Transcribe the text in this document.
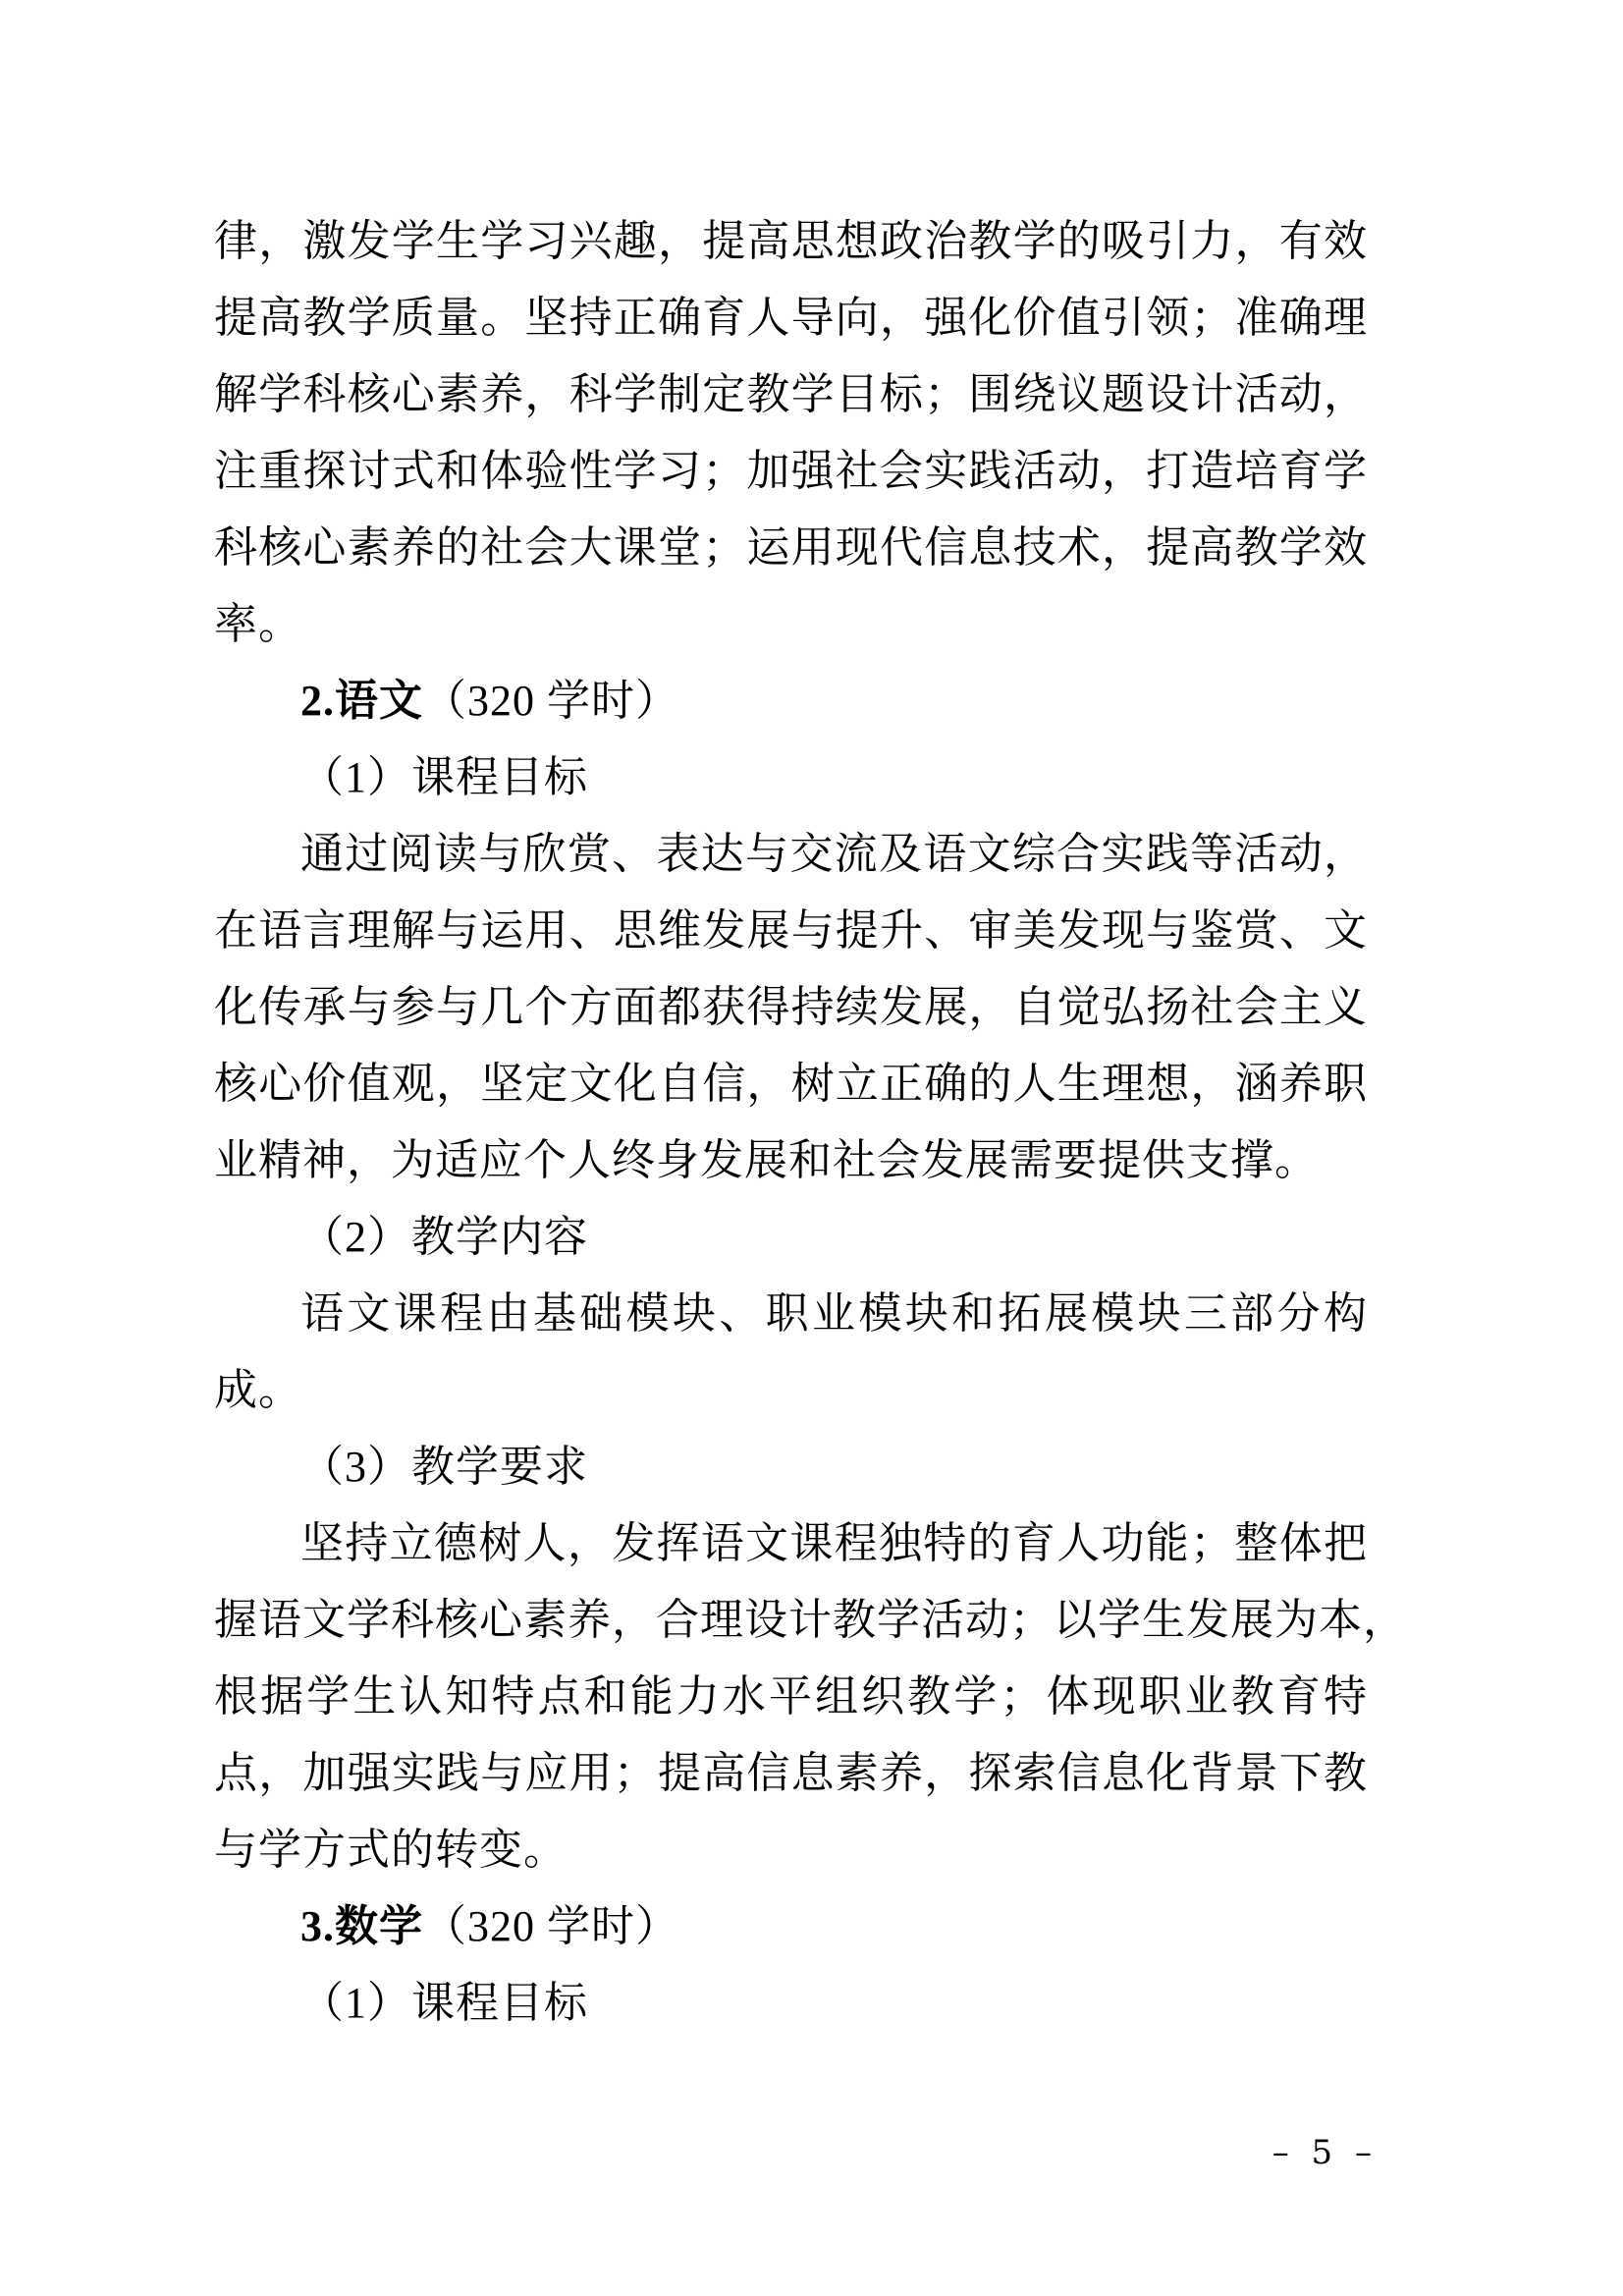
律，激发学生学习兴趣，提高思想政治教学的吸引力，有效

提高教学质量。坚持正确育人导向，强化价值引领；准确理

解学科核心素养，科学制定教学目标；围绕议题设计活动，

注重探讨式和体验性学习；加强社会实践活动，打造培育学

科核心素养的社会大课堂；运用现代信息技术，提高教学效

率。

2.语文（320 学时）

（1）课程目标

通过阅读与欣赏、表达与交流及语文综合实践等活动，

在语言理解与运用、思维发展与提升、审美发现与鉴赏、文

化传承与参与几个方面都获得持续发展，自觉弘扬社会主义

核心价值观，坚定文化自信，树立正确的人生理想，涵养职

业精神，为适应个人终身发展和社会发展需要提供支撑。

（2）教学内容

语文课程由基础模块、职业模块和拓展模块三部分构

成。

（3）教学要求

坚持立德树人，发挥语文课程独特的育人功能；整体把

握语文学科核心素养，合理设计教学活动；以学生发展为本，

根据学生认知特点和能力水平组织教学；体现职业教育特

点，加强实践与应用；提高信息素养，探索信息化背景下教

与学方式的转变。

3.数学（320 学时）

（1）课程目标

– 5 –
